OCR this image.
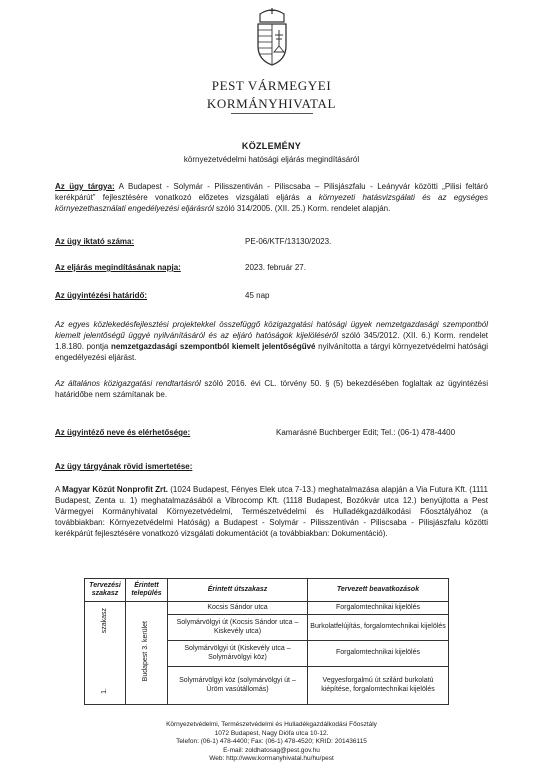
PEST VÁRMEGYEI
KORMÁNYHIVATAL
KÖZLEMÉNY
környezetvédelmi hatósági eljárás megindításáról
Az ügy tárgya: A Budapest - Solymár - Pilisszentiván - Piliscsaba – Pilisjászfalu - Leányvár közötti „Pilisi feltáró kerékpárút” fejlesztésére vonatkozó előzetes vizsgálati eljárás a környezeti hatásvizsgálati és az egységes környezethasználati engedélyezési eljárásról szóló 314/2005. (XII. 25.) Korm. rendelet alapján.
Az ügy iktató száma:	PE-06/KTF/13130/2023.
Az eljárás megindításának napja:	2023. február 27.
Az ügyintézési határidő:	45 nap
Az egyes közlekedésfejlesztési projektekkel összefüggő közigazgatási hatósági ügyek nemzetgazdasági szempontból kiemelt jelentőségű üggyé nyilvánításáról és az eljáró hatóságok kijelöléséről szóló 345/2012. (XII. 6.) Korm. rendelet 1.8.180. pontja nemzetgazdasági szempontból kiemelt jelentőségűvé nyilvánította a tárgyi környezetvédelmi hatósági engedélyezési eljárást.
Az általános közigazgatási rendtartásról szóló 2016. évi CL. törvény 50. § (5) bekezdésében foglaltak az ügyintézési határidőbe nem számítanak be.
Az ügyintéző neve és elérhetősége:	Kamarásné Buchberger Edit; Tel.: (06-1) 478-4400
Az ügy tárgyának rövid ismertetése:
A Magyar Közút Nonprofit Zrt. (1024 Budapest, Fényes Elek utca 7-13.) meghatalmazása alapján a Via Futura Kft. (1111 Budapest, Zenta u. 1) meghatalmazásából a Vibrocomp Kft. (1118 Budapest, Bozókvár utca 12.) benyújtotta a Pest Vármegyei Kormányhivatal Környezetvédelmi, Természetvédelmi és Hulladékgazdálkodási Főosztályához (a továbbiakban: Környezetvédelmi Hatóság) a Budapest - Solymár - Pilisszentiván - Piliscsaba - Pilisjászfalu közötti kerékpárút fejlesztésére vonatkozó vizsgálati dokumentációt (a továbbiakban: Dokumentáció).
Tervezési szakasz	Érintett település	Érintett útszakasz	Tervezett beavatkozások

szakasz
1.	Budapest 3. kerület	Kocsis Sándor utca	Forgalomtechnikai kijelölés
		Solymárvölgyi út (Kocsis Sándor utca – Kiskevély utca)	Burkolatfelújítás, forgalomtechnikai kijelölés
		Solymárvölgyi út (Kiskevély utca – Solymárvölgyi köz)	Forgalomtechnikai kijelölés
		Solymárvölgyi köz (solymárvölgyi út – Üröm vasútállomás)	Vegyesforgalmú út szilárd burkolatú kiépítése, forgalomtechnikai kijelölés
Környezetvédelmi, Természetvédelmi és Hulladékgazdálkodási Főosztály
1072 Budapest, Nagy Diófa utca 10-12.
Telefon: (06-1) 478-4400; Fax: (06-1) 478-4520; KRID: 201436115
E-mail: zoldhatosag@pest.gov.hu
Web: http://www.kormanyhivatal.hu/hu/pest
